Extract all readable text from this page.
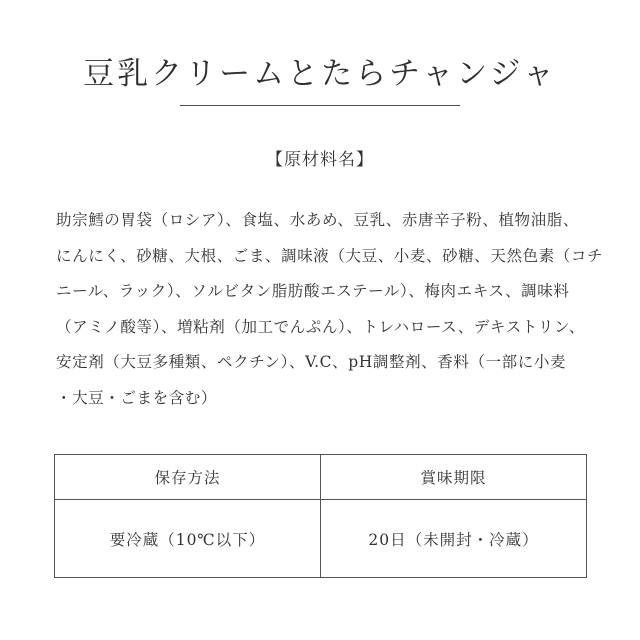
豆乳クリームとたらチャンジャ
【原材料名】
助宗鱈の胃袋（ロシア）、食塩、水あめ、豆乳、赤唐辛子粉、植物油脂、
にんにく、砂糖、大根、ごま、調味液（大豆、小麦、砂糖、天然色素（コチ
ニール、ラック）、ソルビタン脂肪酸エステール）、梅肉エキス、調味料
（アミノ酸等）、増粘剤（加工でんぷん）、トレハロース、デキストリン、
安定剤（大豆多種類、ペクチン）、V.C、pH調整剤、香料（一部に小麦
・大豆・ごまを含む）
保存方法	賞味期限
要冷蔵（10℃以下）	20日（未開封・冷蔵）
